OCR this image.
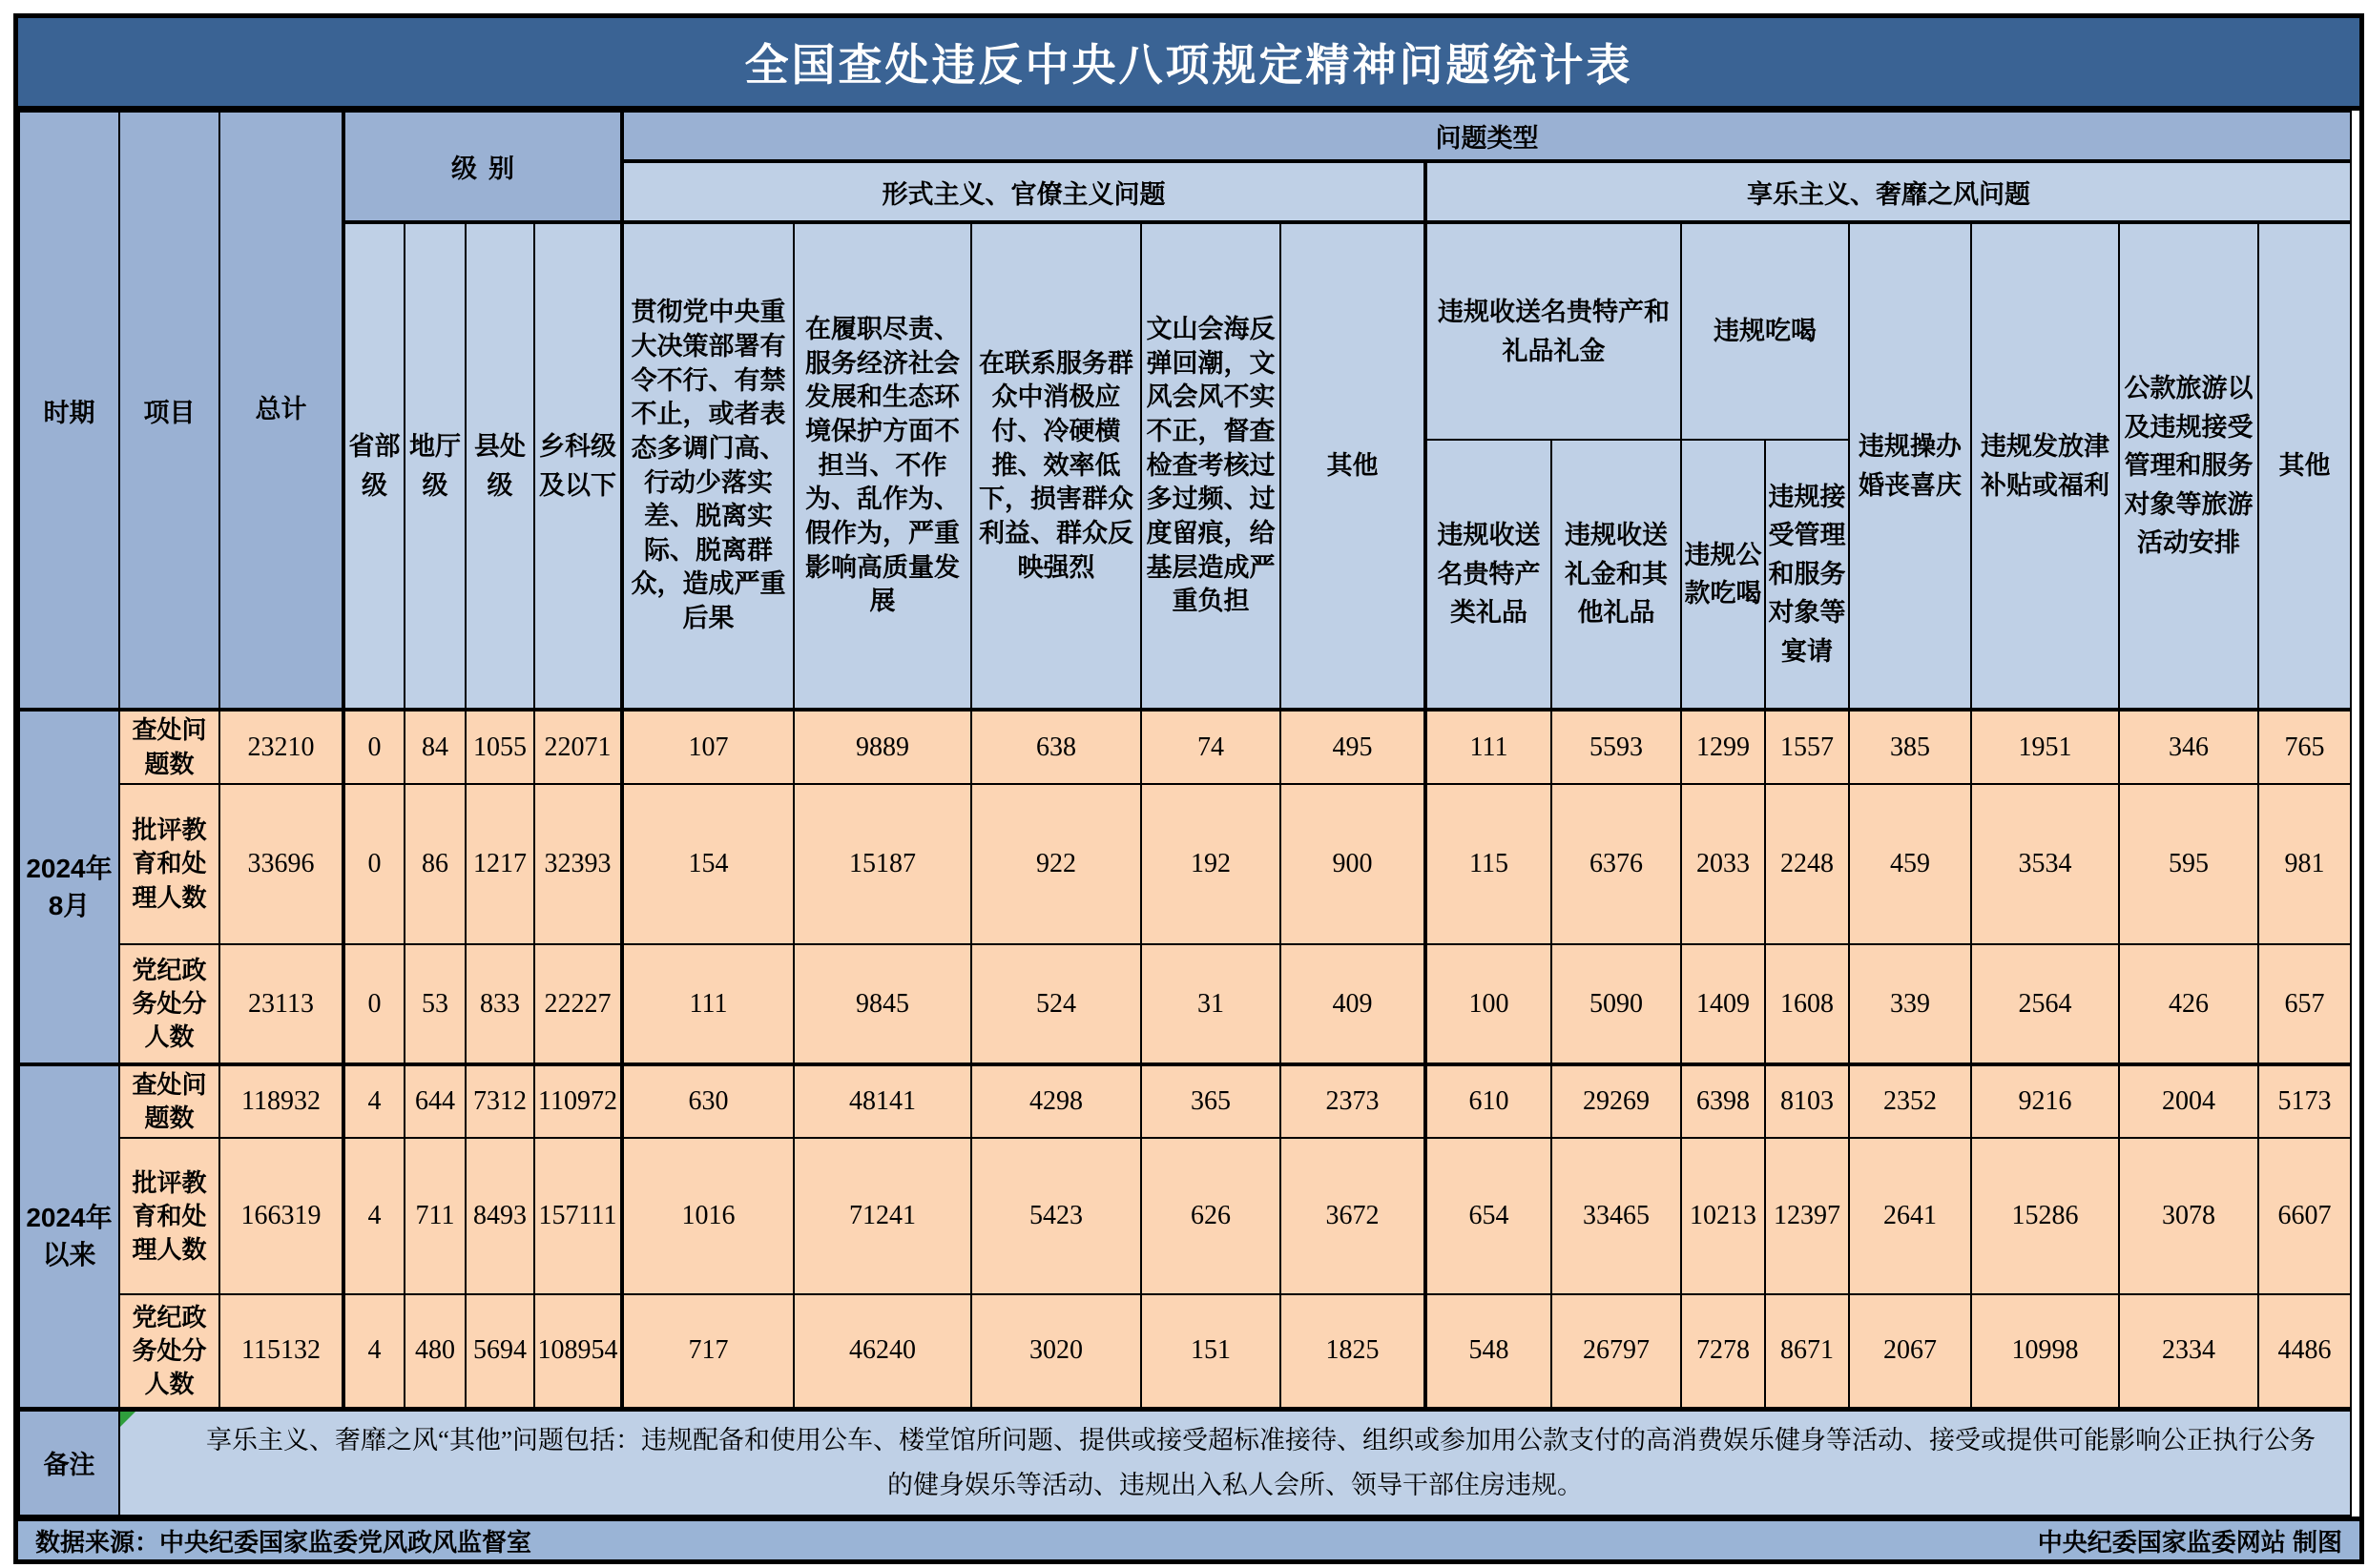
全国查处违反中央八项规定精神问题统计表
时期	项目	总计	级别				问题类型												
							形式主义、官僚主义问题					享乐主义、奢靡之风问题							
			省部级	地厅级	县处级	乡科级及以下	贯彻党中央重大决策部署有令不行、有禁不止，或者表态多调门高、行动少落实差、脱离实际、脱离群众，造成严重后果	在履职尽责、服务经济社会发展和生态环境保护方面不担当、不作为、乱作为、假作为，严重影响高质量发展	在联系服务群众中消极应付、冷硬横推、效率低下，损害群众利益、群众反映强烈	文山会海反弹回潮，文风会风不实不正，督查检查考核过多过频、过度留痕，给基层造成严重负担	其他	违规收送名贵特产和礼品礼金		违规吃喝		违规操办婚丧喜庆	违规发放津补贴或福利	公款旅游以及违规接受管理和服务对象等旅游活动安排	其他
												违规收送名贵特产类礼品	违规收送礼金和其他礼品	违规公款吃喝	违规接受管理和服务对象等宴请				
2024年8月	查处问题数	23210	0	84	1055	22071	107	9889	638	74	495	111	5593	1299	1557	385	1951	346	765
	批评教育和处理人数	33696	0	86	1217	32393	154	15187	922	192	900	115	6376	2033	2248	459	3534	595	981
	党纪政务处分人数	23113	0	53	833	22227	111	9845	524	31	409	100	5090	1409	1608	339	2564	426	657
2024年以来	查处问题数	118932	4	644	7312	110972	630	48141	4298	365	2373	610	29269	6398	8103	2352	9216	2004	5173
	批评教育和处理人数	166319	4	711	8493	157111	1016	71241	5423	626	3672	654	33465	10213	12397	2641	15286	3078	6607
	党纪政务处分人数	115132	4	480	5694	108954	717	46240	3020	151	1825	548	26797	7278	8671	2067	10998	2334	4486
备注	享乐主义、奢靡之风“其他”问题包括：违规配备和使用公车、楼堂馆所问题、提供或接受超标准接待、组织或参加用公款支付的高消费娱乐健身等活动、接受或提供可能影响公正执行公务的健身娱乐等活动、违规出入私人会所、领导干部住房违规。																		
数据来源：中央纪委国家监委党风政风监督室	中央纪委国家监委网站 制图
